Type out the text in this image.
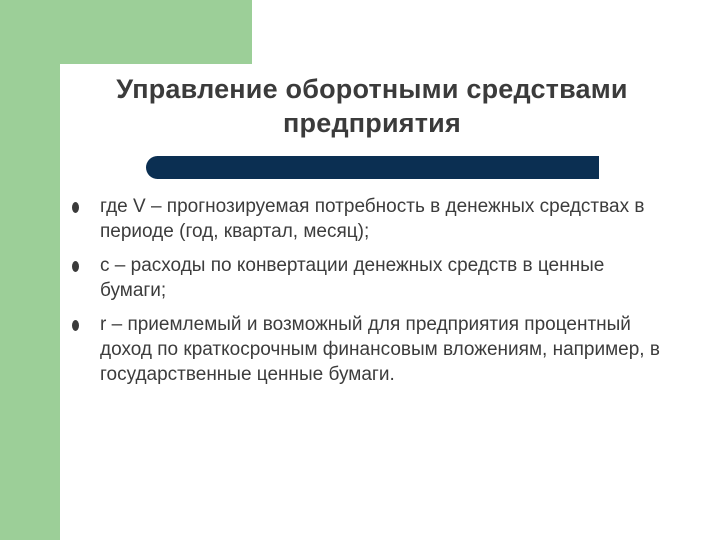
Управление оборотными средствами предприятия
где V – прогнозируемая потребность в денежных средствах в периоде (год, квартал, месяц);
с – расходы по конвертации денежных средств в ценные бумаги;
r – приемлемый и возможный для предприятия процентный доход по краткосрочным финансовым вложениям, например, в государственные ценные бумаги.
